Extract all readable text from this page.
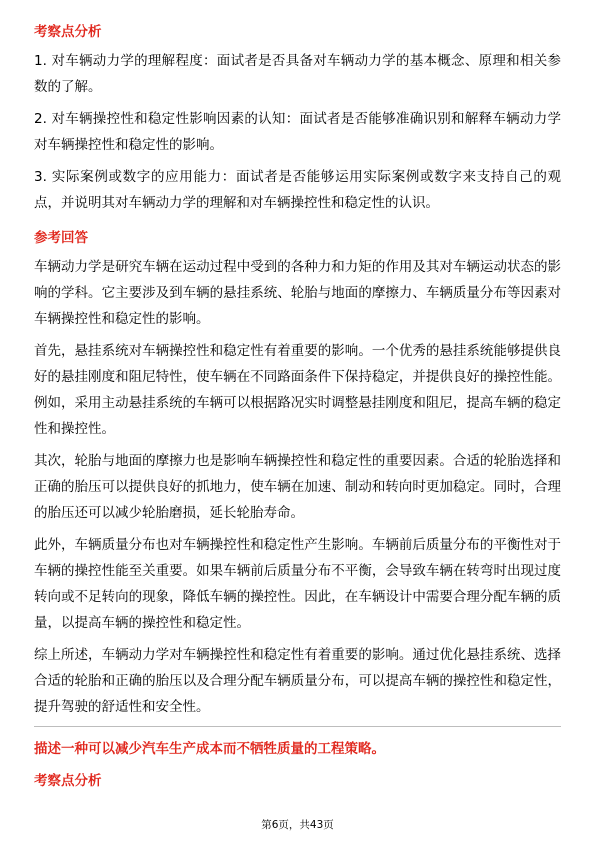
考察点分析
1. 对车辆动力学的理解程度：面试者是否具备对车辆动力学的基本概念、原理和相关参数的了解。
2. 对车辆操控性和稳定性影响因素的认知：面试者是否能够准确识别和解释车辆动力学对车辆操控性和稳定性的影响。
3. 实际案例或数字的应用能力：面试者是否能够运用实际案例或数字来支持自己的观点，并说明其对车辆动力学的理解和对车辆操控性和稳定性的认识。
参考回答
车辆动力学是研究车辆在运动过程中受到的各种力和力矩的作用及其对车辆运动状态的影响的学科。它主要涉及到车辆的悬挂系统、轮胎与地面的摩擦力、车辆质量分布等因素对车辆操控性和稳定性的影响。
首先，悬挂系统对车辆操控性和稳定性有着重要的影响。一个优秀的悬挂系统能够提供良好的悬挂刚度和阻尼特性，使车辆在不同路面条件下保持稳定，并提供良好的操控性能。例如，采用主动悬挂系统的车辆可以根据路况实时调整悬挂刚度和阻尼，提高车辆的稳定性和操控性。
其次，轮胎与地面的摩擦力也是影响车辆操控性和稳定性的重要因素。合适的轮胎选择和正确的胎压可以提供良好的抓地力，使车辆在加速、制动和转向时更加稳定。同时，合理的胎压还可以减少轮胎磨损，延长轮胎寿命。
此外，车辆质量分布也对车辆操控性和稳定性产生影响。车辆前后质量分布的平衡性对于车辆的操控性能至关重要。如果车辆前后质量分布不平衡，会导致车辆在转弯时出现过度转向或不足转向的现象，降低车辆的操控性。因此，在车辆设计中需要合理分配车辆的质量，以提高车辆的操控性和稳定性。
综上所述，车辆动力学对车辆操控性和稳定性有着重要的影响。通过优化悬挂系统、选择合适的轮胎和正确的胎压以及合理分配车辆质量分布，可以提高车辆的操控性和稳定性，提升驾驶的舒适性和安全性。
描述一种可以减少汽车生产成本而不牺牲质量的工程策略。
考察点分析
第6页，共43页
